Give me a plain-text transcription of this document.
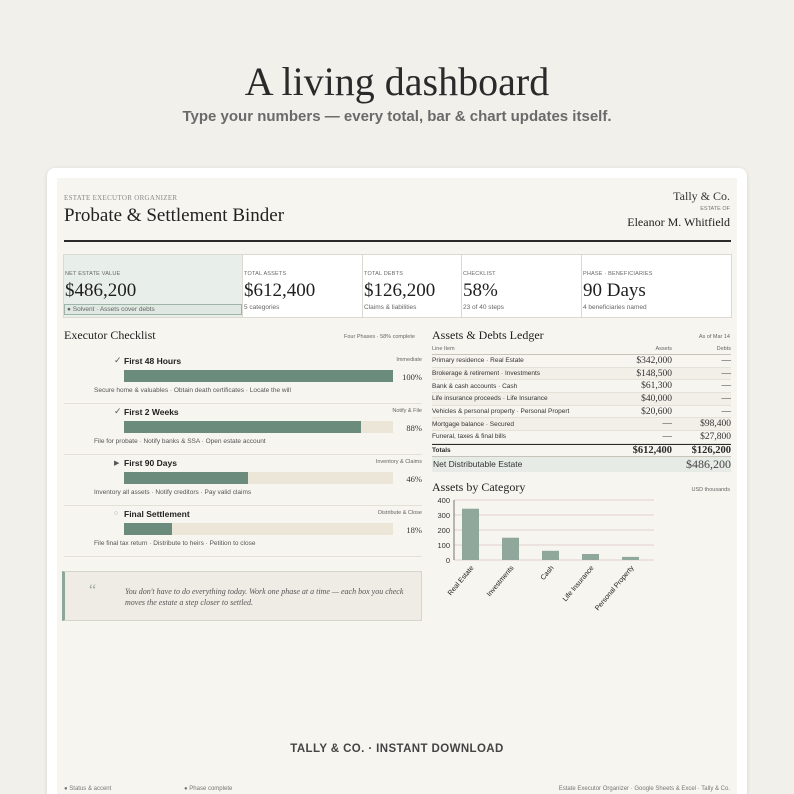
A living dashboard
Type your numbers — every total, bar & chart updates itself.
ESTATE EXECUTOR ORGANIZER
Probate & Settlement Binder
Tally & Co.
ESTATE OF
Eleanor M. Whitfield
NET ESTATE VALUE
$486,200
● Solvent · Assets cover debts
TOTAL ASSETS
$612,400
5 categories
TOTAL DEBTS
$126,200
Claims & liabilities
CHECKLIST
58%
23 of 40 steps
PHASE · BENEFICIARIES
90 Days
4 beneficiaries named
Executor Checklist	Four Phases · 58% complete
✓ First 48 Hours	Immediate
100%
Secure home & valuables · Obtain death certificates · Locate the will
✓ First 2 Weeks	Notify & File
88%
File for probate · Notify banks & SSA · Open estate account
▶ First 90 Days	Inventory & Claims
46%
Inventory all assets · Notify creditors · Pay valid claims
○ Final Settlement	Distribute & Close
18%
File final tax return · Distribute to heirs · Petition to close
“	You don't have to do everything today. Work one phase at a time — each box you check moves the estate a step closer to settled.
Assets & Debts Ledger	As of Mar 14
Line Item	Assets	Debts
Primary residence · Real Estate	$342,000	—
Brokerage & retirement · Investments	$148,500	—
Bank & cash accounts · Cash	$61,300	—
Life insurance proceeds · Life Insurance	$40,000	—
Vehicles & personal property · Personal Propert	$20,600	—
Mortgage balance · Secured	—	$98,400
Funeral, taxes & final bills	—	$27,800
Totals	$612,400	$126,200
Net Distributable Estate	$486,200
Assets by Category	USD thousands
0
100
200
300
400
Real Estate Investments	Cash Life Insurance
Personal Property
TALLY & CO. · INSTANT DOWNLOAD
● Status & accent	● Phase complete	Estate Executor Organizer · Google Sheets & Excel · Tally & Co.
